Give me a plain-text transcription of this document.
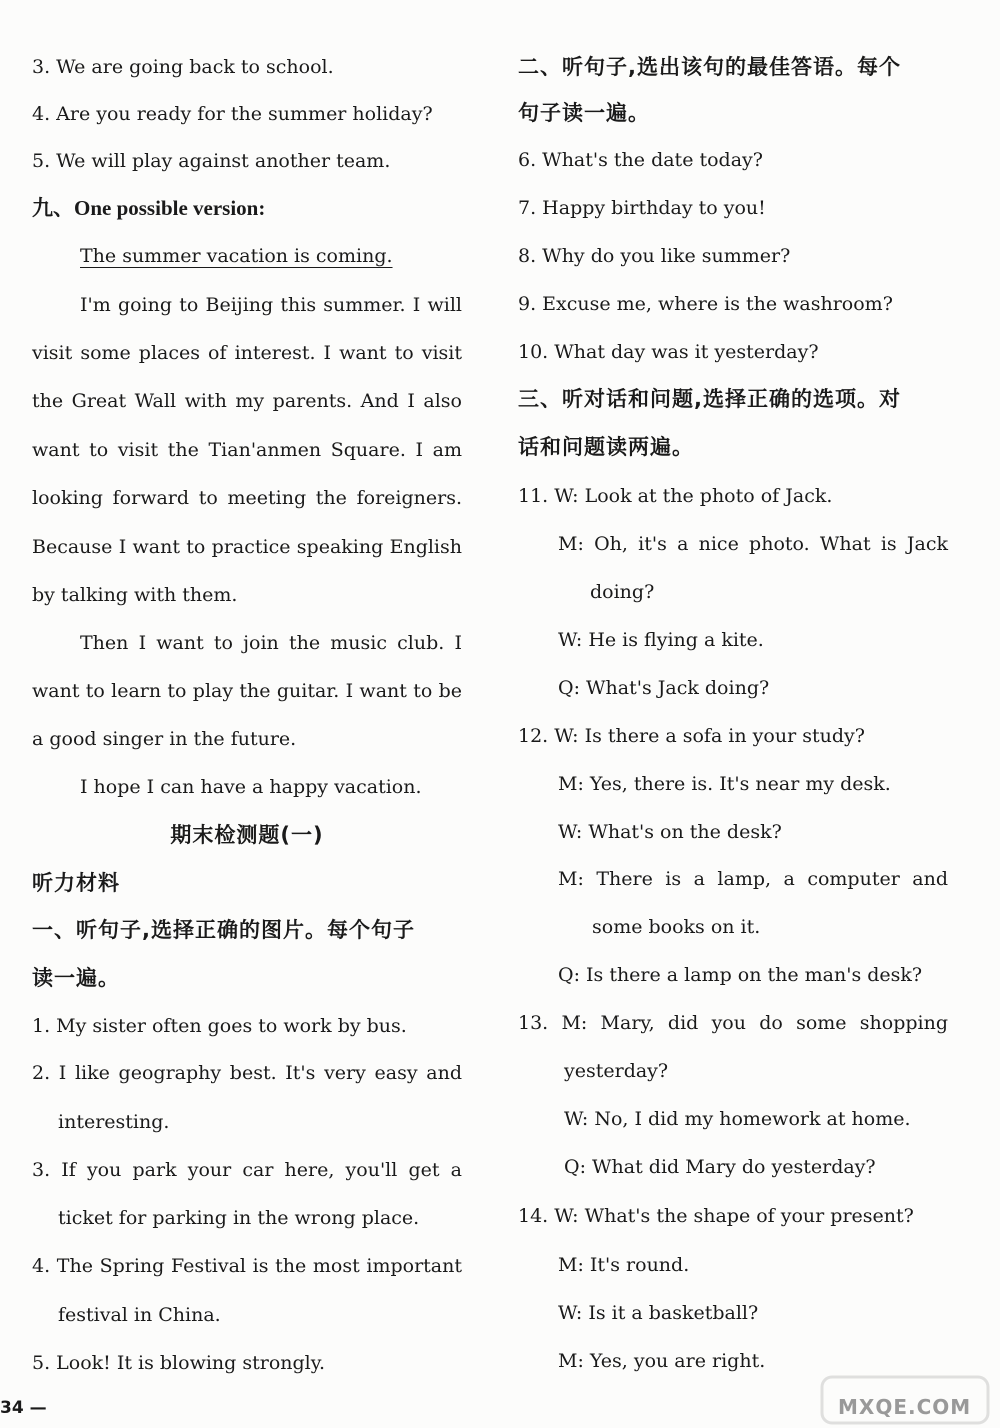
3. We are going back to school.
4. Are you ready for the summer holiday?
5. We will play against another team.
九、One possible version:
The summer vacation is coming.
I'm going to Beijing this summer. I will
visit some places of interest. I want to visit
the Great Wall with my parents. And I also
want to visit the Tian'anmen Square. I am
looking forward to meeting the foreigners.
Because I want to practice speaking English
by talking with them.
Then I want to join the music club. I
want to learn to play the guitar. I want to be
a good singer in the future.
I hope I can have a happy vacation.
期末检测题(一)
听力材料
一、听句子,选择正确的图片。每个句子
读一遍。
1. My sister often goes to work by bus.
2. I like geography best. It's very easy and
interesting.
3. If you park your car here, you'll get a
ticket for parking in the wrong place.
4. The Spring Festival is the most important
festival in China.
5. Look! It is blowing strongly.
二、听句子,选出该句的最佳答语。每个
句子读一遍。
6. What's the date today?
7. Happy birthday to you!
8. Why do you like summer?
9. Excuse me, where is the washroom?
10. What day was it yesterday?
三、听对话和问题,选择正确的选项。对
话和问题读两遍。
11. W: Look at the photo of Jack.
M: Oh, it's a nice photo. What is Jack
doing?
W: He is flying a kite.
Q: What's Jack doing?
12. W: Is there a sofa in your study?
M: Yes, there is. It's near my desk.
W: What's on the desk?
M: There is a lamp, a computer and
some books on it.
Q: Is there a lamp on the man's desk?
13. M: Mary, did you do some shopping
yesterday?
W: No, I did my homework at home.
Q: What did Mary do yesterday?
14. W: What's the shape of your present?
M: It's round.
W: Is it a basketball?
M: Yes, you are right.
34 —	MXQE.COM
